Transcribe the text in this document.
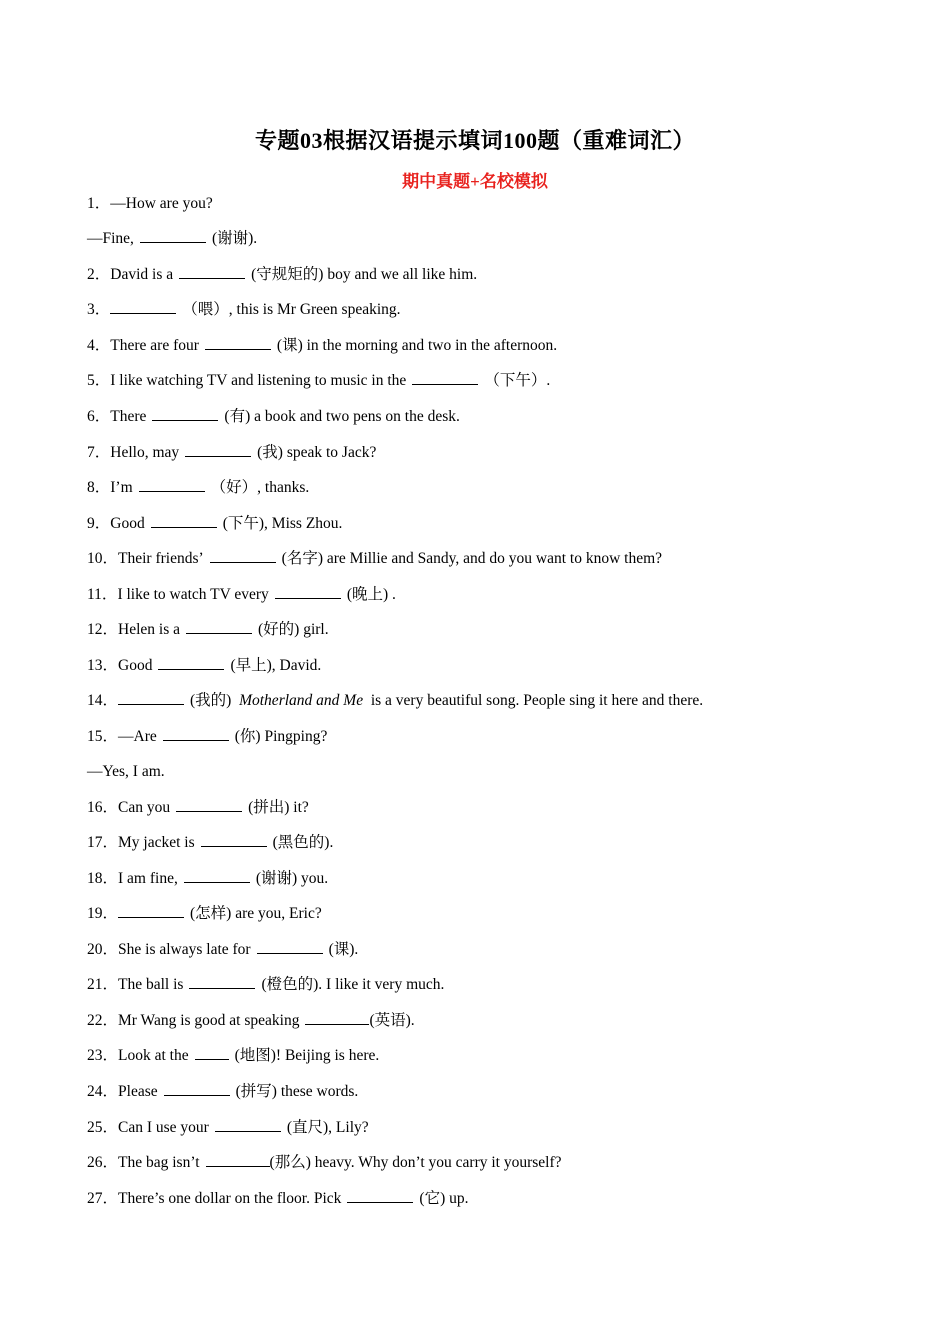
专题03根据汉语提示填词100题（重难词汇）
期中真题+名校模拟
1．—How are you?
—Fine,	(谢谢).
2．David is a	(守规矩的) boy and we all like him.
3．	（喂）, this is Mr Green speaking.
4．There are four	(课) in the morning and two in the afternoon.
5．I like watching TV and listening to music in the	（下午）.
6．There	(有) a book and two pens on the desk.
7．Hello, may	(我) speak to Jack?
8．I’m	（好）, thanks.
9．Good	(下午), Miss Zhou.
10．Their friends’	(名字) are Millie and Sandy, and do you want to know them?
11．I like to watch TV every	(晚上) .
12．Helen is a	(好的) girl.
13．Good	(早上), David.
14．	(我的) Motherland and Me is a very beautiful song. People sing it here and there.
15．—Are	(你) Pingping?
—Yes, I am.
16．Can you	(拼出) it?
17．My jacket is	(黑色的).
18．I am fine,	(谢谢) you.
19．	(怎样) are you, Eric?
20．She is always late for	(课).
21．The ball is	(橙色的). I like it very much.
22．Mr Wang is good at speaking	(英语).
23．Look at the	(地图)! Beijing is here.
24．Please	(拼写) these words.
25．Can I use your	(直尺), Lily?
26．The bag isn’t	(那么) heavy. Why don’t you carry it yourself?
27．There’s one dollar on the floor. Pick	(它) up.
